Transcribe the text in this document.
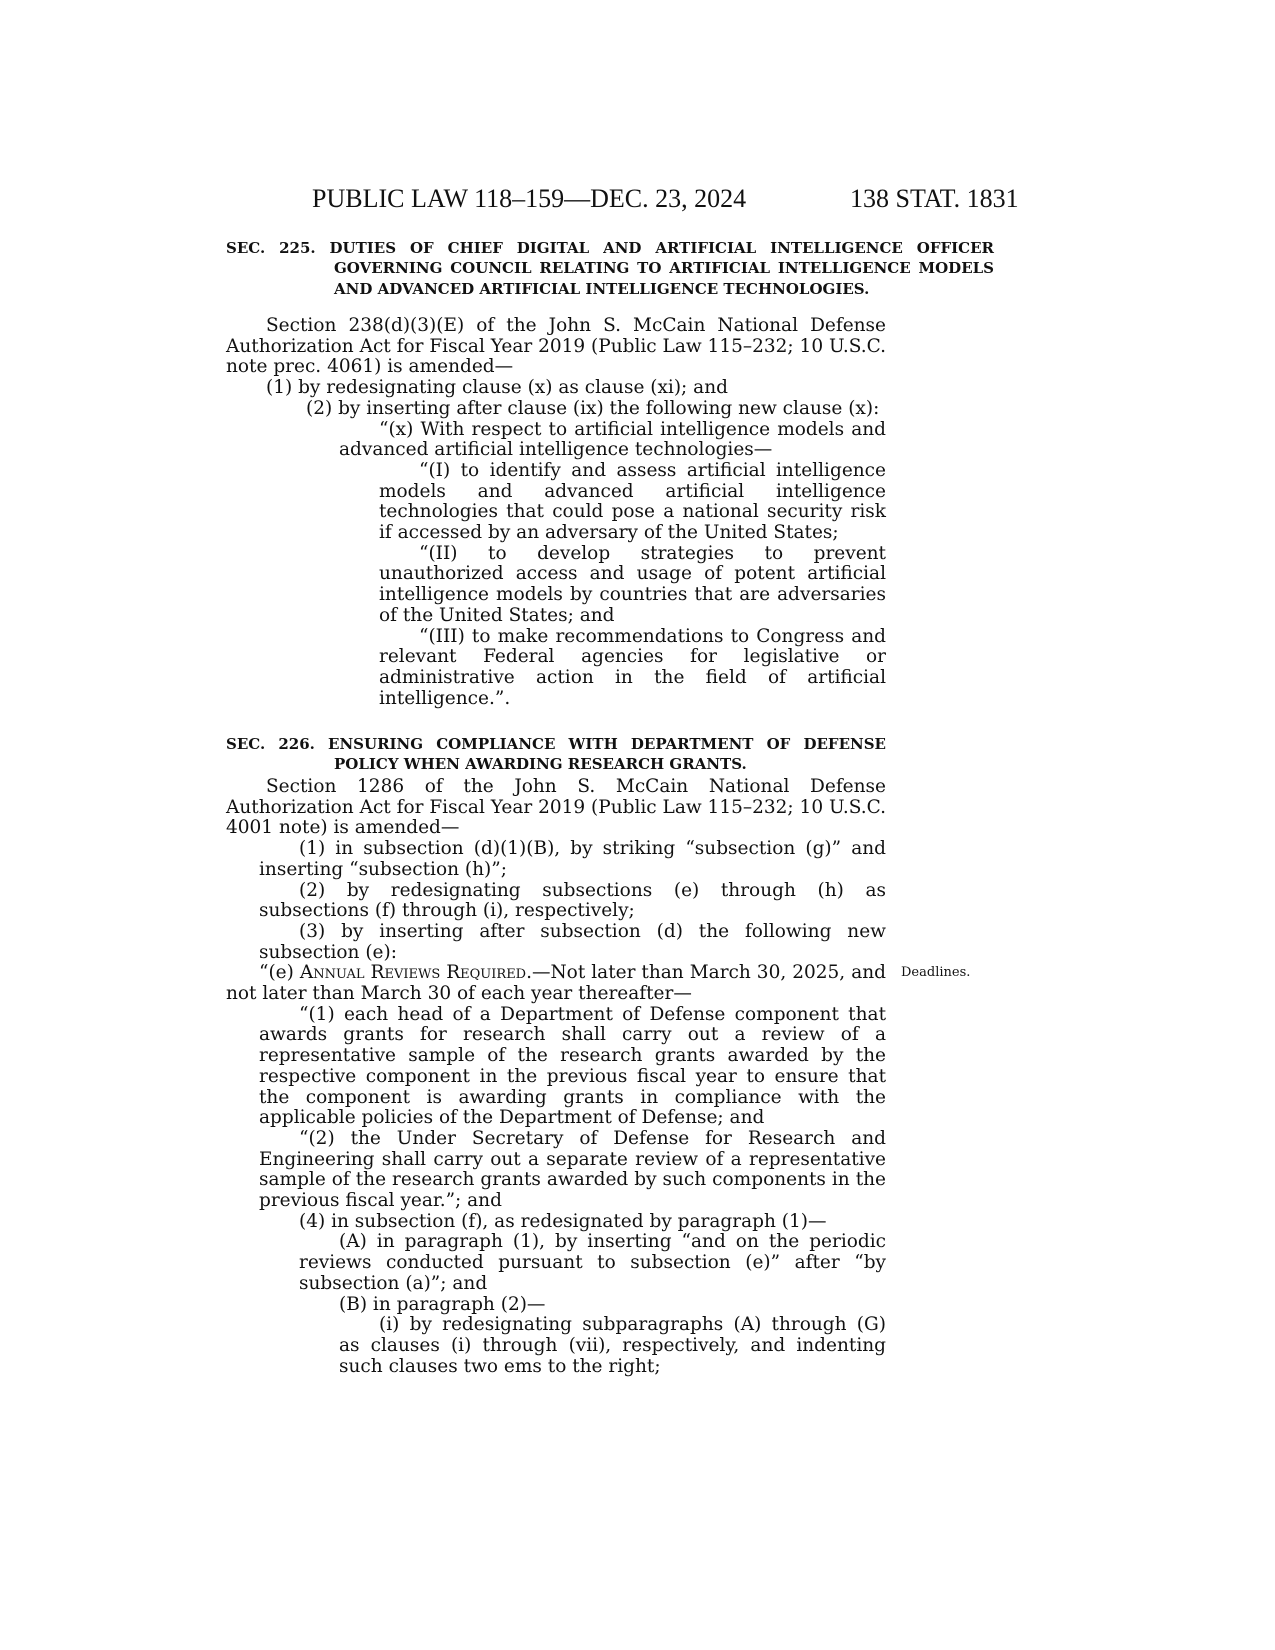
PUBLIC LAW 118–159—DEC. 23, 2024	138 STAT. 1831
SEC. 225. DUTIES OF CHIEF DIGITAL AND ARTIFICIAL INTELLIGENCE OFFICER GOVERNING COUNCIL RELATING TO ARTIFICIAL INTELLIGENCE MODELS AND ADVANCED ARTIFICIAL INTELLIGENCE TECHNOLOGIES.

Section 238(d)(3)(E) of the John S. McCain National Defense Authorization Act for Fiscal Year 2019 (Public Law 115–232; 10 U.S.C. note prec. 4061) is amended—

(1) by redesignating clause (x) as clause (xi); and

(2) by inserting after clause (ix) the following new clause (x):

“(x) With respect to artificial intelligence models and advanced artificial intelligence technologies—

“(I) to identify and assess artificial intelligence models and advanced artificial intelligence technologies that could pose a national security risk if accessed by an adversary of the United States;

“(II) to develop strategies to prevent unauthorized access and usage of potent artificial intelligence models by countries that are adversaries of the United States; and

“(III) to make recommendations to Congress and relevant Federal agencies for legislative or administrative action in the field of artificial intelligence.”.

SEC. 226. ENSURING COMPLIANCE WITH DEPARTMENT OF DEFENSE POLICY WHEN AWARDING RESEARCH GRANTS.

Section 1286 of the John S. McCain National Defense Authorization Act for Fiscal Year 2019 (Public Law 115–232; 10 U.S.C. 4001 note) is amended—

(1) in subsection (d)(1)(B), by striking “subsection (g)” and inserting “subsection (h)”;

(2) by redesignating subsections (e) through (h) as subsections (f) through (i), respectively;

(3) by inserting after subsection (d) the following new subsection (e):

“(e) Annual Reviews Required.—Not later than March 30, 2025, and not later than March 30 of each year thereafter—

“(1) each head of a Department of Defense component that awards grants for research shall carry out a review of a representative sample of the research grants awarded by the respective component in the previous fiscal year to ensure that the component is awarding grants in compliance with the applicable policies of the Department of Defense; and

“(2) the Under Secretary of Defense for Research and Engineering shall carry out a separate review of a representative sample of the research grants awarded by such components in the previous fiscal year.”; and

(4) in subsection (f), as redesignated by paragraph (1)—

(A) in paragraph (1), by inserting “and on the periodic reviews conducted pursuant to subsection (e)” after “by subsection (a)”; and

(B) in paragraph (2)—

(i) by redesignating subparagraphs (A) through (G) as clauses (i) through (vii), respectively, and indenting such clauses two ems to the right;

Deadlines.
